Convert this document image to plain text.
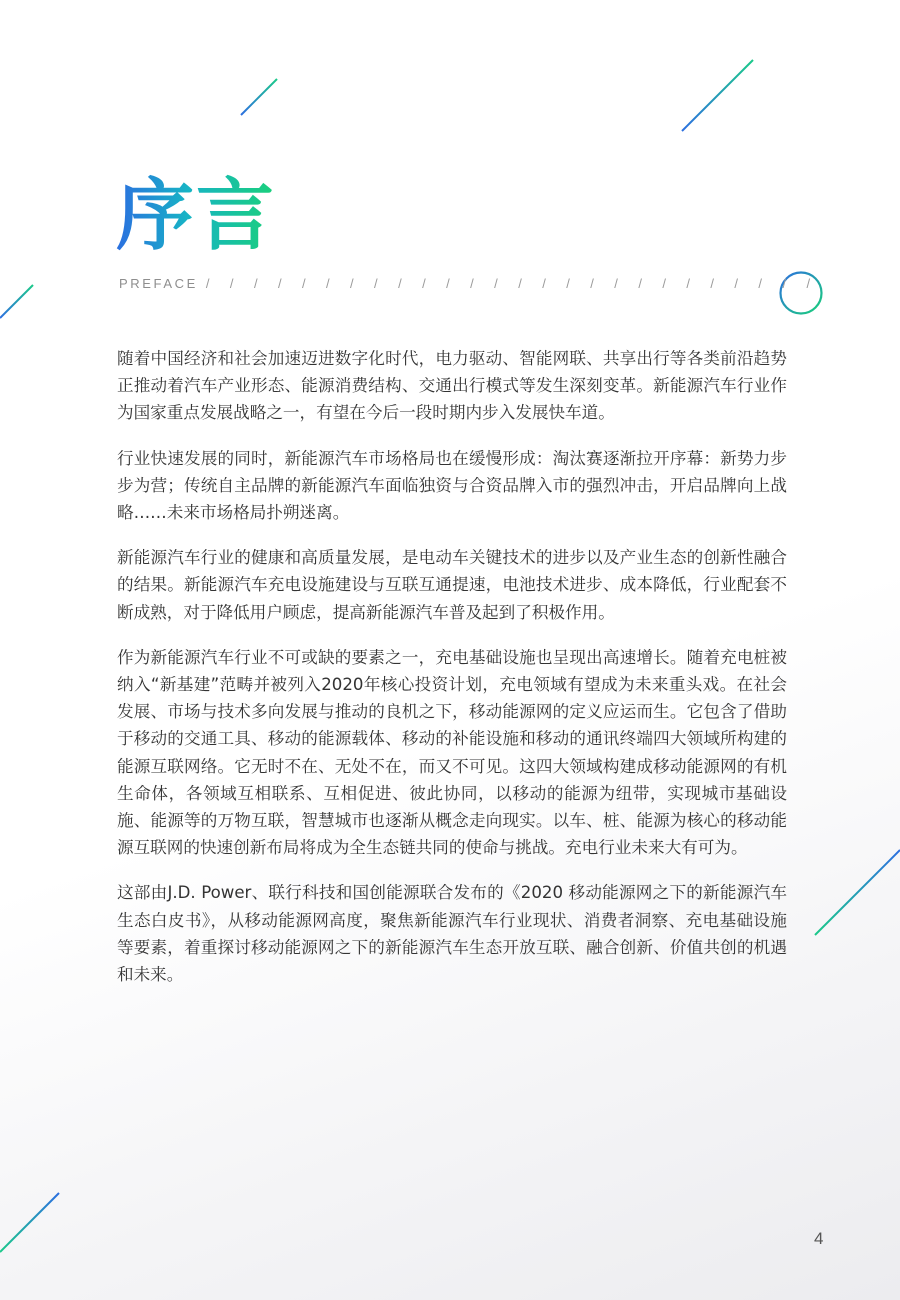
序言
PREFACE / / / / / / / / / / / / / / / / / / / / / / / / / /

随着中国经济和社会加速迈进数字化时代，电力驱动、智能网联、共享出行等各类前沿趋势正推动着汽车产业形态、能源消费结构、交通出行模式等发生深刻变革。新能源汽车行业作为国家重点发展战略之一，有望在今后一段时期内步入发展快车道。

行业快速发展的同时，新能源汽车市场格局也在缓慢形成：淘汰赛逐渐拉开序幕：新势力步步为营；传统自主品牌的新能源汽车面临独资与合资品牌入市的强烈冲击，开启品牌向上战略……未来市场格局扑朔迷离。

新能源汽车行业的健康和高质量发展，是电动车关键技术的进步以及产业生态的创新性融合的结果。新能源汽车充电设施建设与互联互通提速，电池技术进步、成本降低，行业配套不断成熟，对于降低用户顾虑，提高新能源汽车普及起到了积极作用。

作为新能源汽车行业不可或缺的要素之一，充电基础设施也呈现出高速增长。随着充电桩被纳入“新基建”范畴并被列入2020年核心投资计划，充电领域有望成为未来重头戏。在社会发展、市场与技术多向发展与推动的良机之下，移动能源网的定义应运而生。它包含了借助于移动的交通工具、移动的能源载体、移动的补能设施和移动的通讯终端四大领域所构建的能源互联网络。它无时不在、无处不在，而又不可见。这四大领域构建成移动能源网的有机生命体，各领域互相联系、互相促进、彼此协同，以移动的能源为纽带，实现城市基础设施、能源等的万物互联，智慧城市也逐渐从概念走向现实。以车、桩、能源为核心的移动能源互联网的快速创新布局将成为全生态链共同的使命与挑战。充电行业未来大有可为。

这部由J.D. Power、联行科技和国创能源联合发布的《2020 移动能源网之下的新能源汽车生态白皮书》，从移动能源网高度，聚焦新能源汽车行业现状、消费者洞察、充电基础设施等要素，着重探讨移动能源网之下的新能源汽车生态开放互联、融合创新、价值共创的机遇和未来。

4
